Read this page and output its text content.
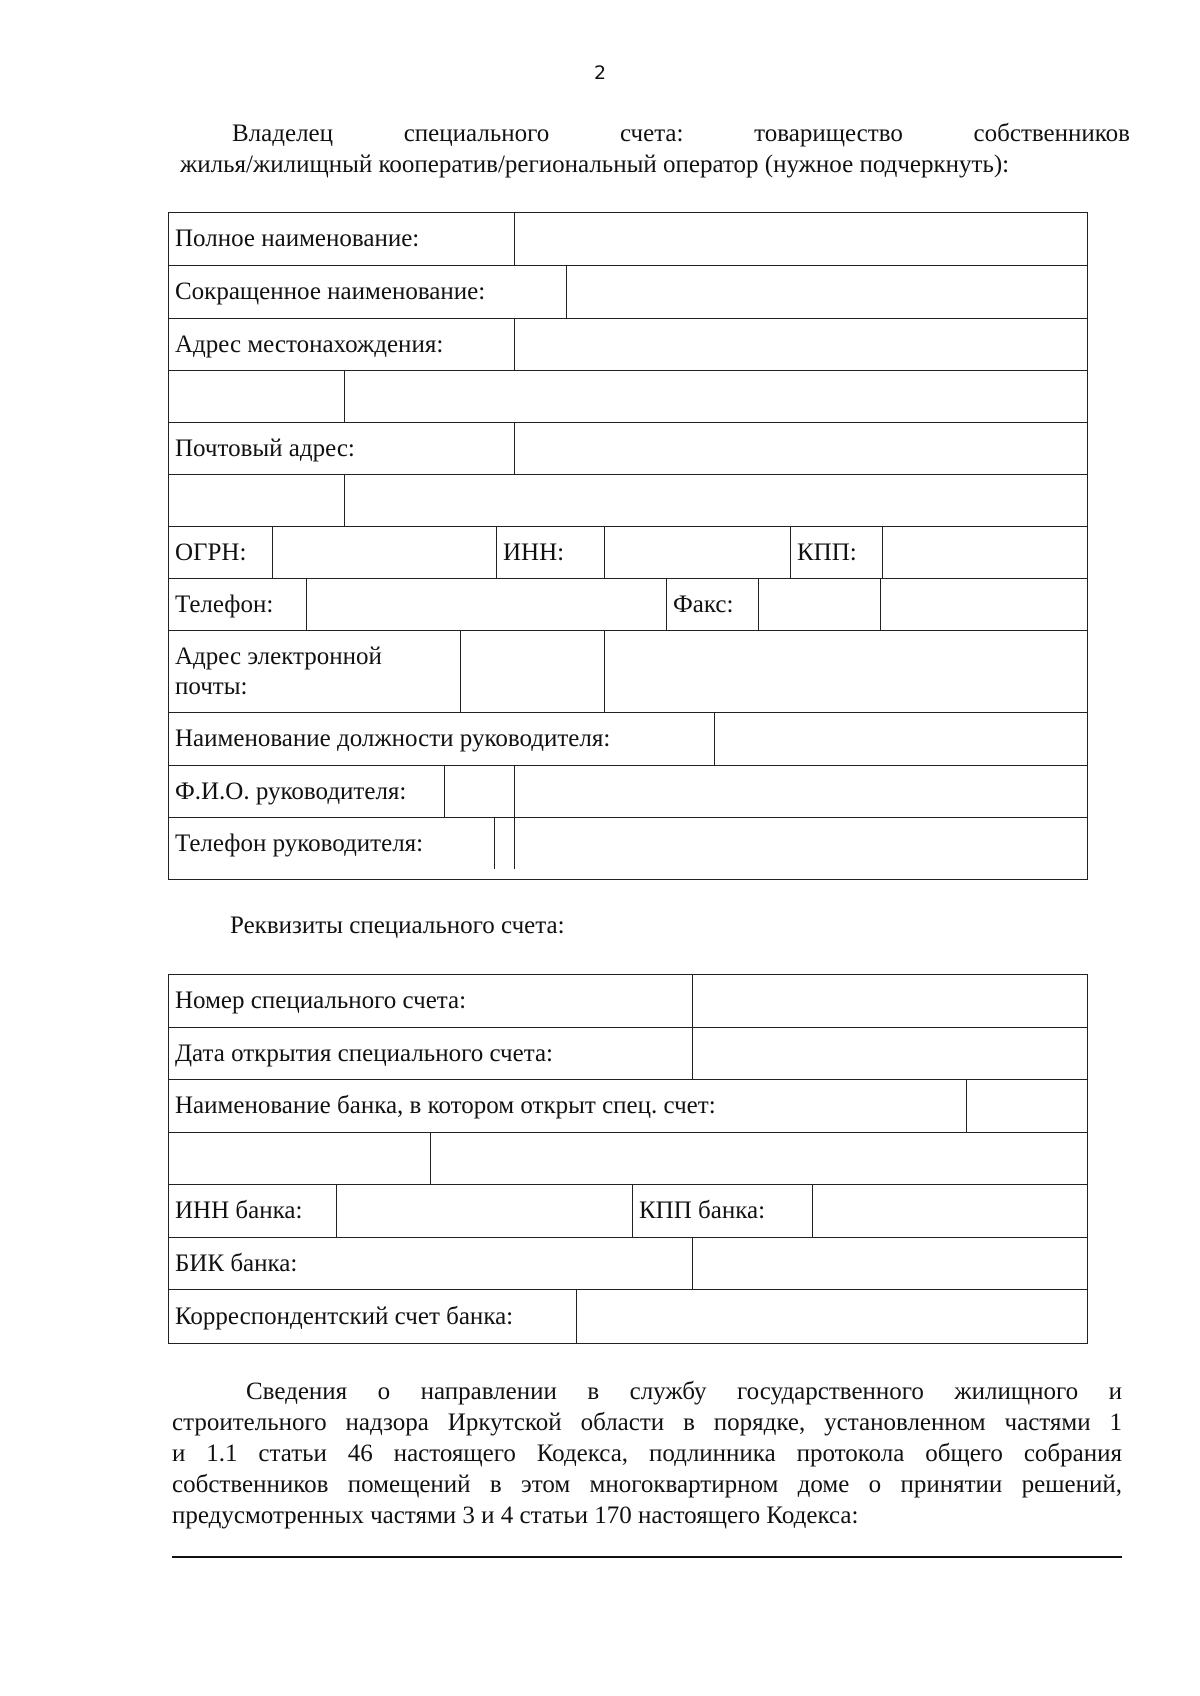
2
Владелец	специального	счета:	товарищество	собственников
жилья/жилищный кооператив/региональный оператор (нужное подчеркнуть):
Полное наименование:
Сокращенное наименование:
Адрес местонахождения:
Почтовый адрес:
ОГРН:	ИНН:	КПП:
Телефон:	Факс:
Адрес электронной
почты:
Наименование должности руководителя:
Ф.И.О. руководителя:
Телефон руководителя:
Реквизиты специального счета:
Номер специального счета:
Дата открытия специального счета:
Наименование банка, в котором открыт спец. счет:
ИНН банка:	КПП банка:
БИК банка:
Корреспондентский счет банка:
Сведения о направлении в службу государственного жилищного и
строительного надзора Иркутской области в порядке, установленном частями 1
и 1.1 статьи 46 настоящего Кодекса, подлинника протокола общего собрания
собственников помещений в этом многоквартирном доме о принятии решений,
предусмотренных частями 3 и 4 статьи 170 настоящего Кодекса:
